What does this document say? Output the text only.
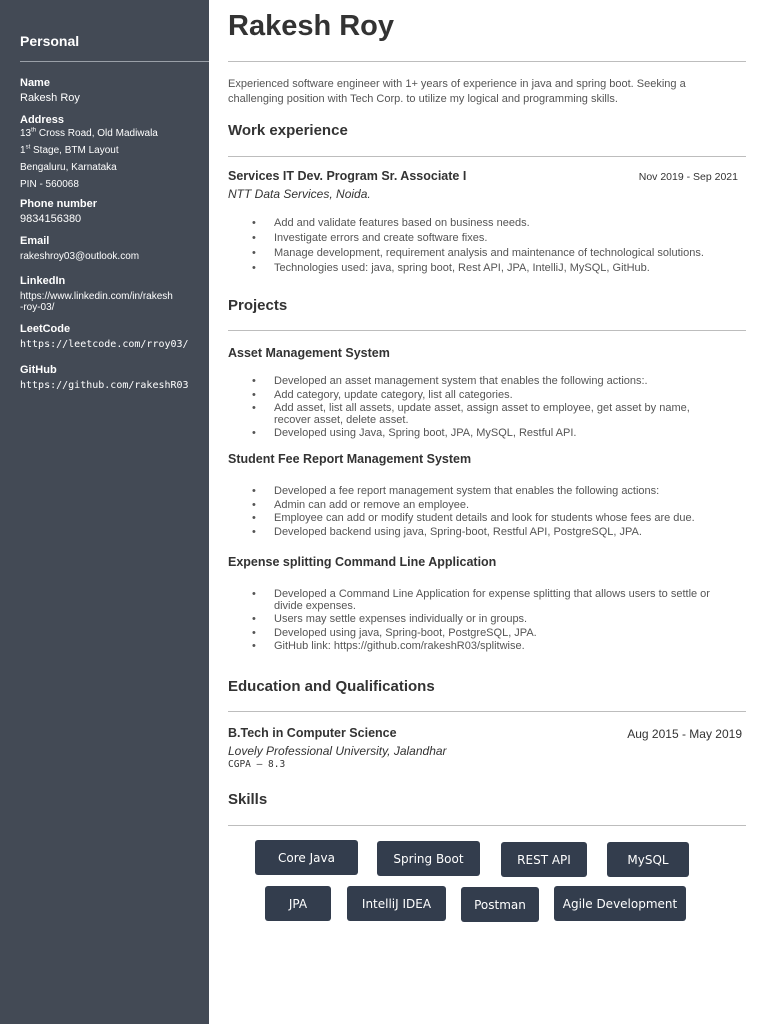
Personal
Name
Rakesh Roy
Address
13th Cross Road, Old Madiwala
1st Stage, BTM Layout
Bengaluru, Karnataka
PIN - 560068
Phone number
9834156380
Email
rakeshroy03@outlook.com
LinkedIn
https://www.linkedin.com/in/rakesh
-roy-03/
LeetCode
https://leetcode.com/rroy03/
GitHub
https://github.com/rakeshR03
Rakesh Roy

Experienced software engineer with 1+ years of experience in java and spring boot. Seeking a challenging position with Tech Corp. to utilize my logical and programming skills.

Work experience
Services IT Dev. Program Sr. Associate I	Nov 2019 - Sep 2021
NTT Data Services, Noida.
• Add and validate features based on business needs.
• Investigate errors and create software fixes.
• Manage development, requirement analysis and maintenance of technological solutions.
• Technologies used: java, spring boot, Rest API, JPA, IntelliJ, MySQL, GitHub.
Projects
Asset Management System
• Developed an asset management system that enables the following actions:.
• Add category, update category, list all categories.
• Add asset, list all assets, update asset, assign asset to employee, get asset by name, recover asset, delete asset.
• Developed using Java, Spring boot, JPA, MySQL, Restful API.
Student Fee Report Management System
• Developed a fee report management system that enables the following actions:
• Admin can add or remove an employee.
• Employee can add or modify student details and look for students whose fees are due.
• Developed backend using java, Spring-boot, Restful API, PostgreSQL, JPA.
Expense splitting Command Line Application
• Developed a Command Line Application for expense splitting that allows users to settle or divide expenses.
• Users may settle expenses individually or in groups.
• Developed using java, Spring-boot, PostgreSQL, JPA.
• GitHub link: https://github.com/rakeshR03/splitwise.
Education and Qualifications
B.Tech in Computer Science	Aug 2015 - May 2019
Lovely Professional University, Jalandhar
CGPA – 8.3
Skills
Core Java	Spring Boot	REST API	MySQL
JPA	IntelliJ IDEA	Postman	Agile Development
